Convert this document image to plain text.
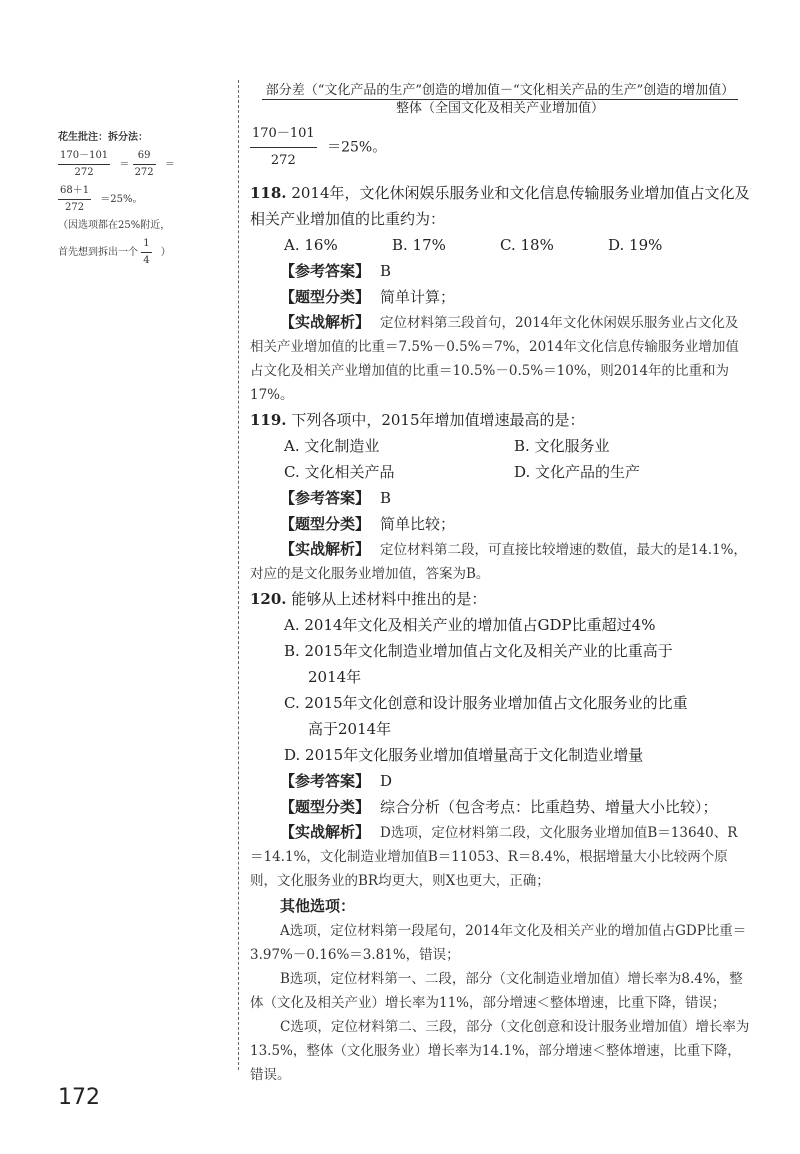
花生批注：拆分法：
$\frac{170-101}{272} = \frac{69}{272}$ ＝
$\frac{68+1}{272} =25\%$。
（因选项都在25%附近，
首先想到拆出一个 $\frac{1}{4}$ ）
部分差（“文化产品的生产”创造的增加值－“文化相关产品的生产”创造的增加值）
整体（全国文化及相关产业增加值）
$\frac{170-101}{272} =25\%$。
118. 2014年，文化休闲娱乐服务业和文化信息传输服务业增加值占文化及相关产业增加值的比重约为：
A. 16%	B. 17%	C. 18%	D. 19%
【参考答案】 B
【题型分类】 简单计算；
【实战解析】 定位材料第三段首句，2014年文化休闲娱乐服务业占文化及相关产业增加值的比重＝7.5%－0.5%＝7%，2014年文化信息传输服务业增加值占文化及相关产业增加值的比重＝10.5%－0.5%＝10%，则2014年的比重和为17%。
119. 下列各项中，2015年增加值增速最高的是：
A. 文化制造业	B. 文化服务业
C. 文化相关产品	D. 文化产品的生产
【参考答案】 B
【题型分类】 简单比较；
【实战解析】 定位材料第二段，可直接比较增速的数值，最大的是14.1%，对应的是文化服务业增加值，答案为B。
120. 能够从上述材料中推出的是：
A. 2014年文化及相关产业的增加值占GDP比重超过4%
B. 2015年文化制造业增加值占文化及相关产业的比重高于
2014年
C. 2015年文化创意和设计服务业增加值占文化服务业的比重
高于2014年
D. 2015年文化服务业增加值增量高于文化制造业增量
【参考答案】 D
【题型分类】 综合分析（包含考点：比重趋势、增量大小比较）；
【实战解析】 D选项，定位材料第二段，文化服务业增加值B＝13640、R＝14.1%，文化制造业增加值B＝11053、R＝8.4%，根据增量大小比较两个原则，文化服务业的BR均更大，则X也更大，正确；
其他选项：
A选项，定位材料第一段尾句，2014年文化及相关产业的增加值占GDP比重＝3.97%－0.16%＝3.81%，错误；
B选项，定位材料第一、二段，部分（文化制造业增加值）增长率为8.4%，整体（文化及相关产业）增长率为11%，部分增速＜整体增速，比重下降，错误；
C选项，定位材料第二、三段，部分（文化创意和设计服务业增加值）增长率为13.5%，整体（文化服务业）增长率为14.1%，部分增速＜整体增速，比重下降，错误。
172
